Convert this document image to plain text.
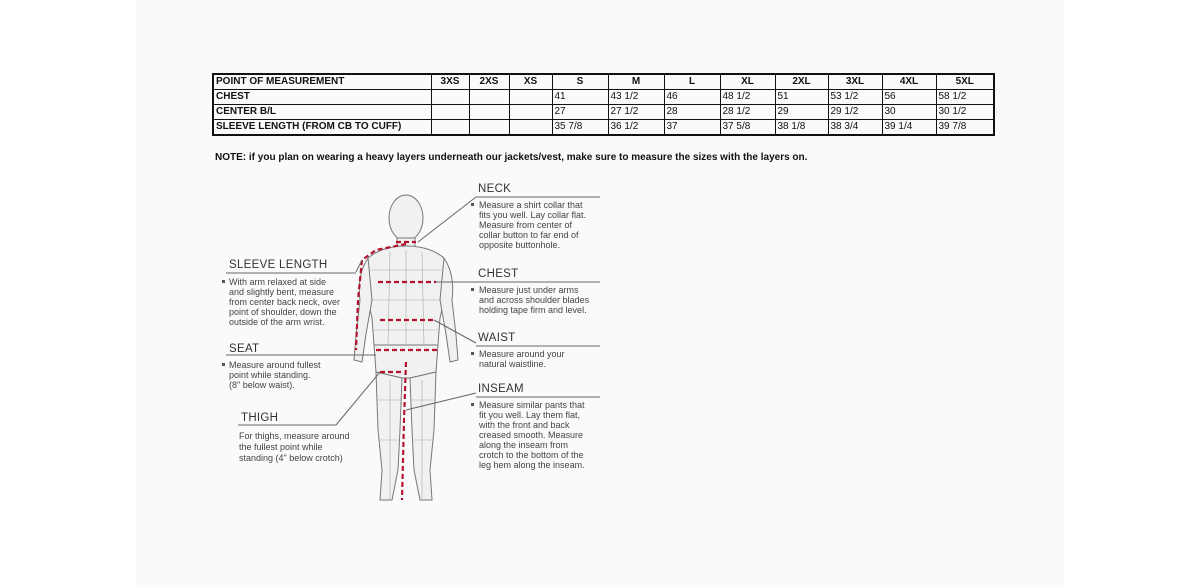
POINT OF MEASUREMENT	3XS	2XS	XS	S	M	L	XL	2XL	3XL	4XL	5XL
CHEST				41	43 1/2	46	48 1/2	51	53 1/2	56	58 1/2
CENTER B/L				27	27 1/2	28	28 1/2	29	29 1/2	30	30 1/2
SLEEVE LENGTH (FROM CB TO CUFF)				35 7/8	36 1/2	37	37 5/8	38 1/8	38 3/4	39 1/4	39 7/8
NOTE: if you plan on wearing a heavy layers underneath our jackets/vest, make sure to measure the sizes with the layers on.
NECK
Measure a shirt collar that
fits you well. Lay collar flat.
Measure from center of
collar button to far end of
opposite buttonhole.
CHEST
Measure just under arms
and across shoulder blades
holding tape firm and level.
WAIST
Measure around your
natural waistline.
INSEAM
Measure similar pants that
fit you well. Lay them flat,
with the front and back
creased smooth. Measure
along the inseam from
crotch to the bottom of the
leg hem along the inseam.
SLEEVE LENGTH
With arm relaxed at side
and slightly bent, measure
from center back neck, over
point of shoulder, down the
outside of the arm wrist.
SEAT
Measure around fullest
point while standing.
(8" below waist).
THIGH
For thighs, measure around
the fullest point while
standing (4" below crotch)
